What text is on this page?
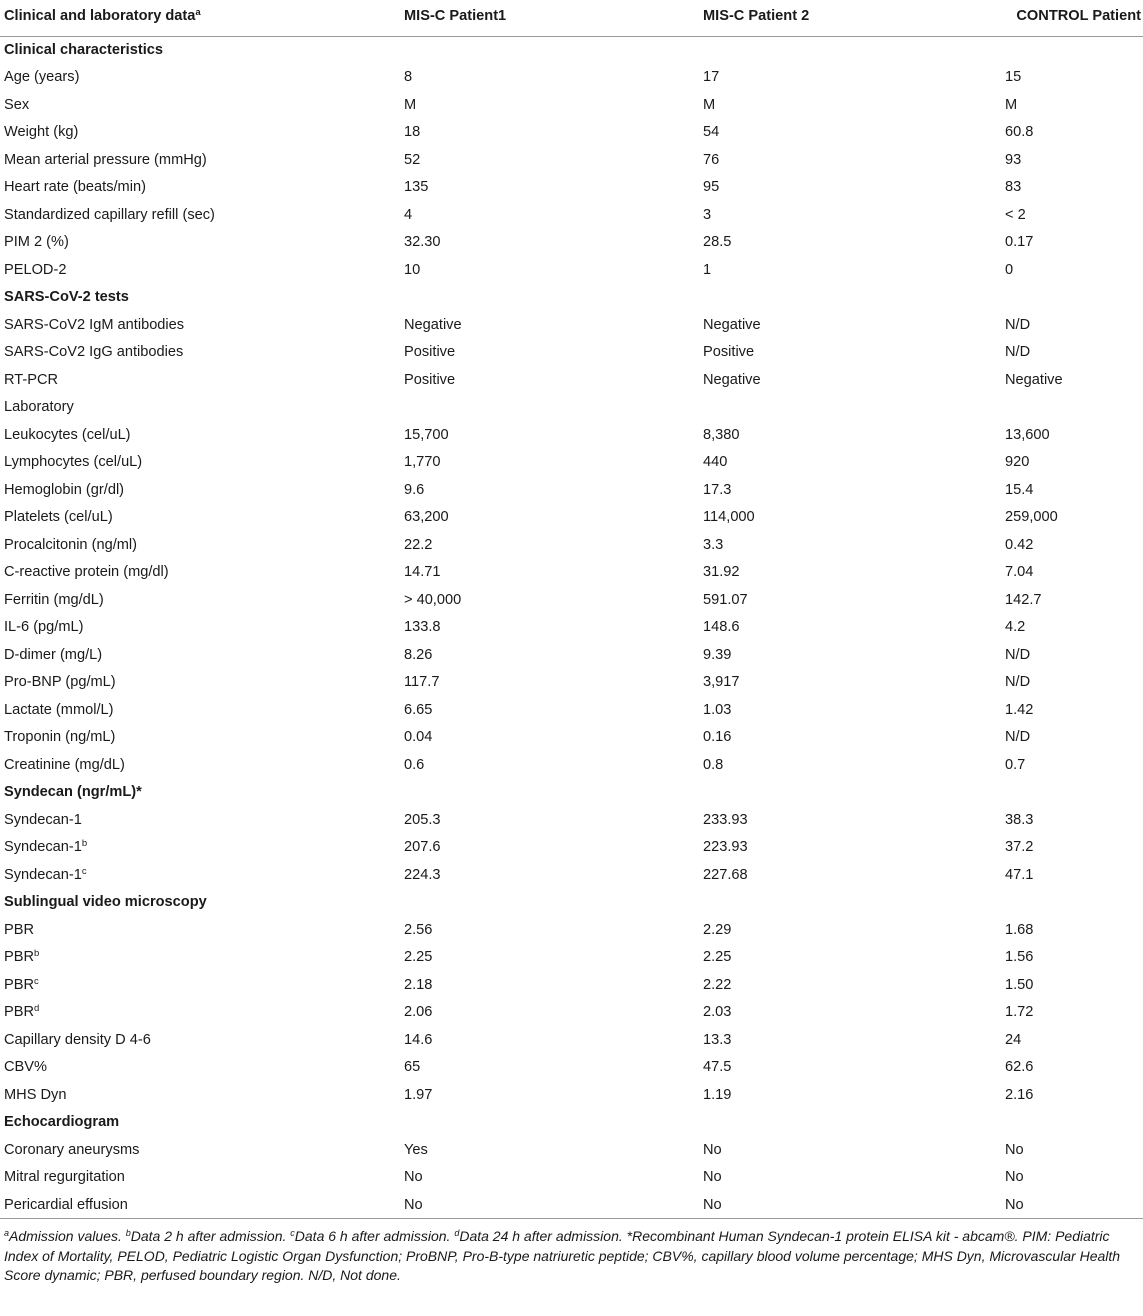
Clinical and laboratory data$^a$	MIS-C Patient1	MIS-C Patient 2	CONTROL Patient
Clinical characteristics			
Age (years)	8	17	15
Sex	M	M	M
Weight (kg)	18	54	60.8
Mean arterial pressure (mmHg)	52	76	93
Heart rate (beats/min)	135	95	83
Standardized capillary refill (sec)	4	3	< 2
PIM 2 (%)	32.30	28.5	0.17
PELOD-2	10	1	0
SARS-CoV-2 tests			
SARS-CoV2 IgM antibodies	Negative	Negative	N/D
SARS-CoV2 IgG antibodies	Positive	Positive	N/D
RT-PCR	Positive	Negative	Negative
Laboratory			
Leukocytes (cel/uL)	15,700	8,380	13,600
Lymphocytes (cel/uL)	1,770	440	920
Hemoglobin (gr/dl)	9.6	17.3	15.4
Platelets (cel/uL)	63,200	114,000	259,000
Procalcitonin (ng/ml)	22.2	3.3	0.42
C-reactive protein (mg/dl)	14.71	31.92	7.04
Ferritin (mg/dL)	> 40,000	591.07	142.7
IL-6 (pg/mL)	133.8	148.6	4.2
D-dimer (mg/L)	8.26	9.39	N/D
Pro-BNP (pg/mL)	117.7	3,917	N/D
Lactate (mmol/L)	6.65	1.03	1.42
Troponin (ng/mL)	0.04	0.16	N/D
Creatinine (mg/dL)	0.6	0.8	0.7
Syndecan (ngr/mL)*			
Syndecan-1	205.3	233.93	38.3
Syndecan-1$^b$	207.6	223.93	37.2
Syndecan-1$^c$	224.3	227.68	47.1
Sublingual video microscopy			
PBR	2.56	2.29	1.68
PBR$^b$	2.25	2.25	1.56
PBR$^c$	2.18	2.22	1.50
PBR$^d$	2.06	2.03	1.72
Capillary density D 4-6	14.6	13.3	24
CBV%	65	47.5	62.6
MHS Dyn	1.97	1.19	2.16
Echocardiogram			
Coronary aneurysms	Yes	No	No
Mitral regurgitation	No	No	No
Pericardial effusion	No	No	No
$^a$Admission values. $^b$Data 2 h after admission. $^c$Data 6 h after admission. $^d$Data 24 h after admission. *Recombinant Human Syndecan-1 protein ELISA kit - abcam®. PIM: Pediatric Index of Mortality, PELOD, Pediatric Logistic Organ Dysfunction; ProBNP, Pro-B-type natriuretic peptide; CBV%, capillary blood volume percentage; MHS Dyn, Microvascular Health Score dynamic; PBR, perfused boundary region. N/D, Not done.
